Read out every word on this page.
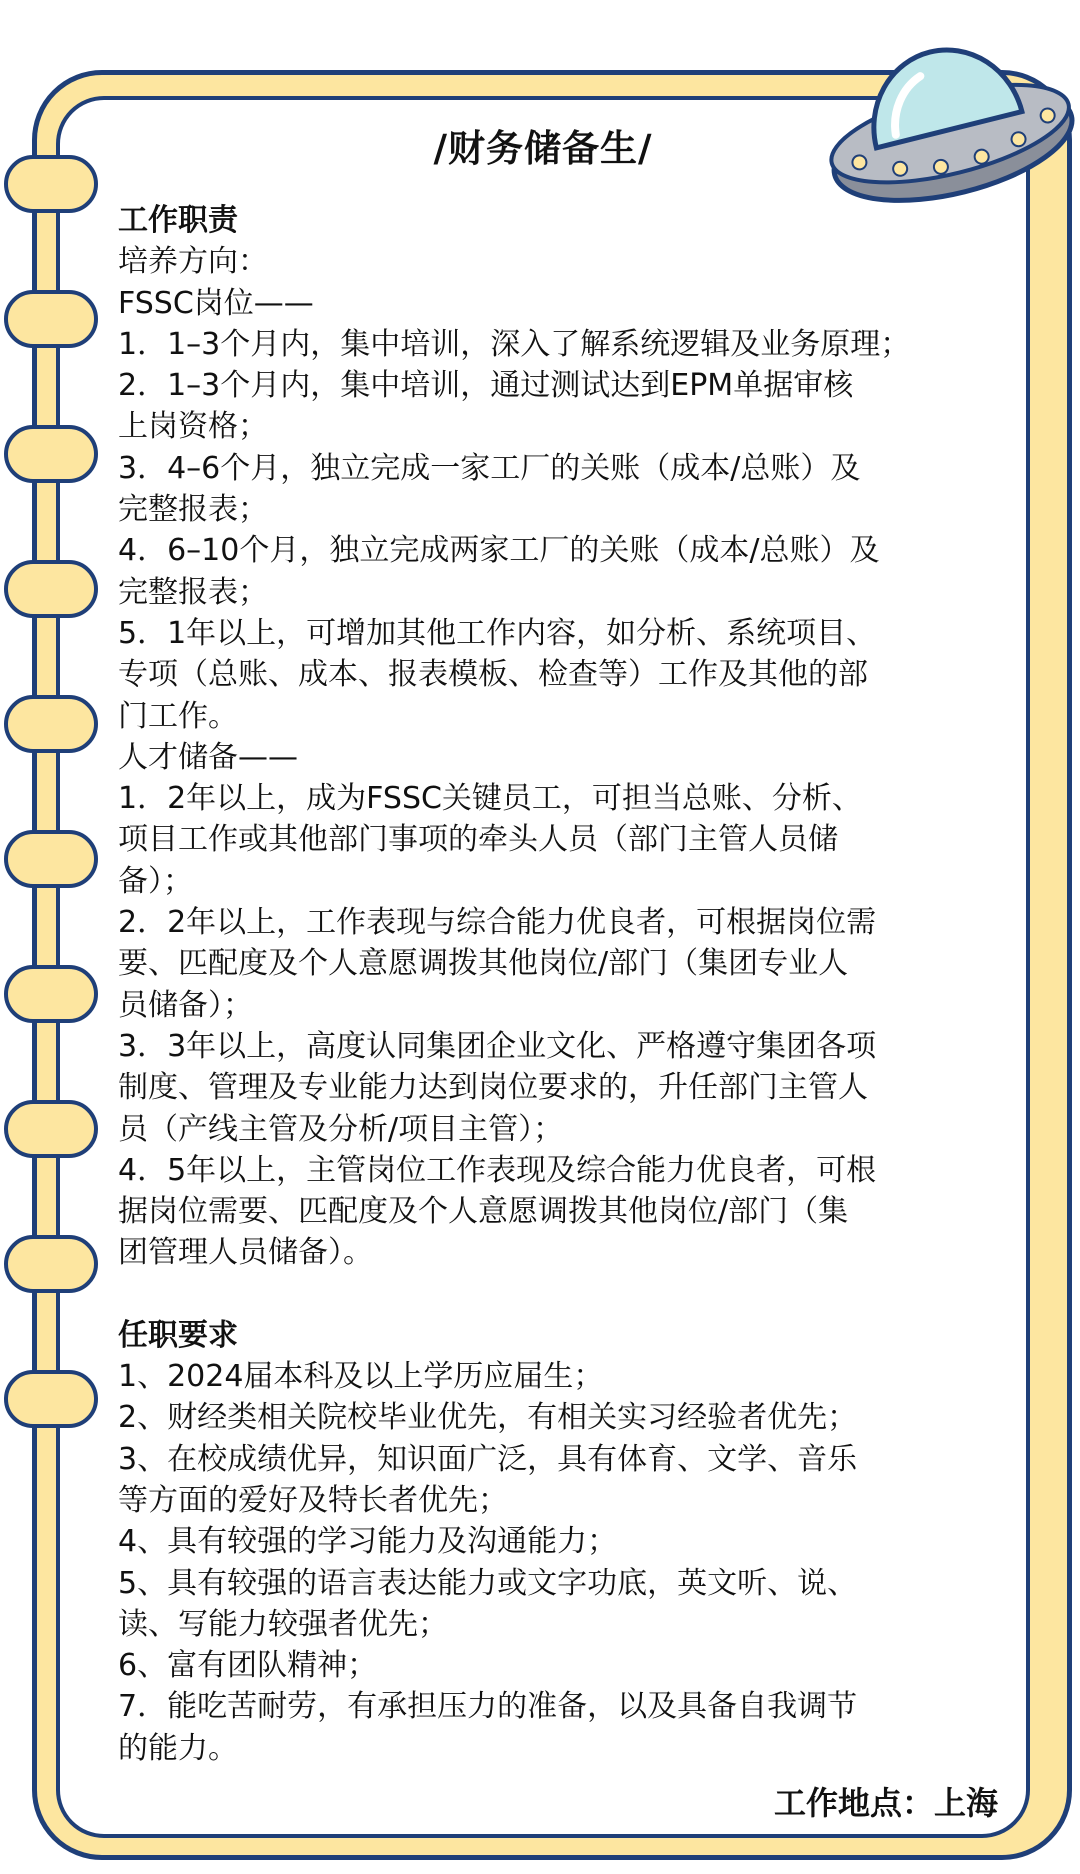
/财务储备生/
工作职责
培养方向：
FSSC岗位——
1．1–3个月内，集中培训，深入了解系统逻辑及业务原理；
2．1–3个月内，集中培训，通过测试达到EPM单据审核
上岗资格；
3．4–6个月，独立完成一家工厂的关账（成本/总账）及
完整报表；
4．6–10个月，独立完成两家工厂的关账（成本/总账）及
完整报表；
5．1年以上，可增加其他工作内容，如分析、系统项目、
专项（总账、成本、报表模板、检查等）工作及其他的部
门工作。
人才储备——
1．2年以上，成为FSSC关键员工，可担当总账、分析、
项目工作或其他部门事项的牵头人员（部门主管人员储
备）；
2．2年以上，工作表现与综合能力优良者，可根据岗位需
要、匹配度及个人意愿调拨其他岗位/部门（集团专业人
员储备）；
3．3年以上，高度认同集团企业文化、严格遵守集团各项
制度、管理及专业能力达到岗位要求的，升任部门主管人
员（产线主管及分析/项目主管）；
4．5年以上，主管岗位工作表现及综合能力优良者，可根
据岗位需要、匹配度及个人意愿调拨其他岗位/部门（集
团管理人员储备）。
任职要求
1、2024届本科及以上学历应届生；
2、财经类相关院校毕业优先，有相关实习经验者优先；
3、在校成绩优异，知识面广泛，具有体育、文学、音乐
等方面的爱好及特长者优先；
4、具有较强的学习能力及沟通能力；
5、具有较强的语言表达能力或文字功底，英文听、说、
读、写能力较强者优先；
6、富有团队精神；
7．能吃苦耐劳，有承担压力的准备，以及具备自我调节
的能力。
工作地点：上海
